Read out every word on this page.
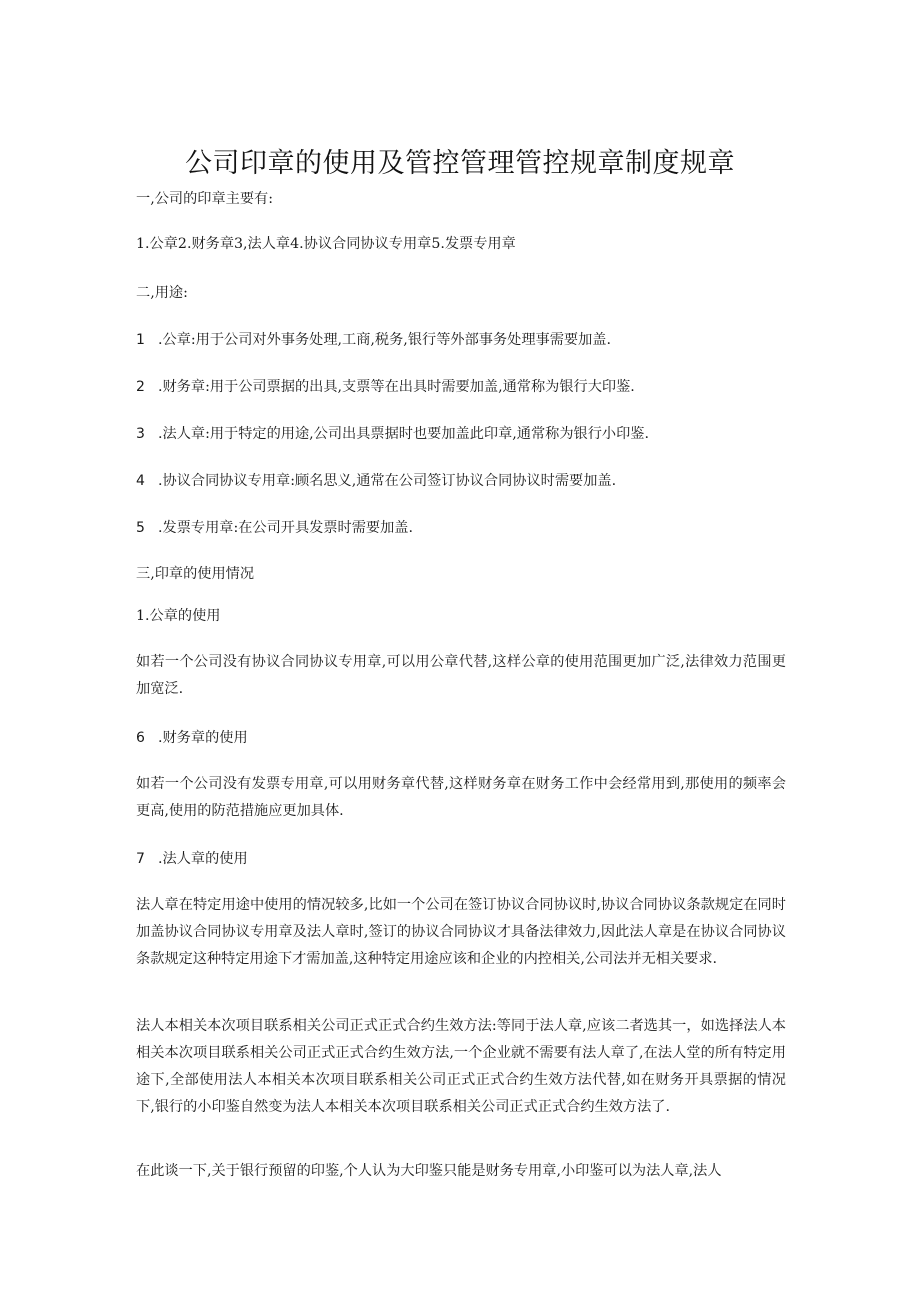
公司印章的使用及管控管理管控规章制度规章

一,公司的印章主要有:

1.公章2.财务章3,法人章4.协议合同协议专用章5.发票专用章

二,用途:

1 .公章:用于公司对外事务处理,工商,税务,银行等外部事务处理事需要加盖.

2 .财务章:用于公司票据的出具,支票等在出具时需要加盖,通常称为银行大印鉴.

3 .法人章:用于特定的用途,公司出具票据时也要加盖此印章,通常称为银行小印鉴.

4 .协议合同协议专用章:顾名思义,通常在公司签订协议合同协议时需要加盖.

5 .发票专用章:在公司开具发票时需要加盖.

三,印章的使用情况

1.公章的使用

如若一个公司没有协议合同协议专用章,可以用公章代替,这样公章的使用范围更加广泛,法律效力范围更加宽泛.

6 .财务章的使用

如若一个公司没有发票专用章,可以用财务章代替,这样财务章在财务工作中会经常用到,那使用的频率会更高,使用的防范措施应更加具体.

7 .法人章的使用

法人章在特定用途中使用的情况较多,比如一个公司在签订协议合同协议时,协议合同协议条款规定在同时加盖协议合同协议专用章及法人章时,签订的协议合同协议才具备法律效力,因此法人章是在协议合同协议条款规定这种特定用途下才需加盖,这种特定用途应该和企业的内控相关,公司法并无相关要求.

法人本相关本次项目联系相关公司正式正式合约生效方法:等同于法人章,应该二者选其一，如选择法人本相关本次项目联系相关公司正式正式合约生效方法,一个企业就不需要有法人章了,在法人堂的所有特定用途下,全部使用法人本相关本次项目联系相关公司正式正式合约生效方法代替,如在财务开具票据的情况下,银行的小印鉴自然变为法人本相关本次项目联系相关公司正式正式合约生效方法了.

在此谈一下,关于银行预留的印鉴,个人认为大印鉴只能是财务专用章,小印鉴可以为法人章,法人
